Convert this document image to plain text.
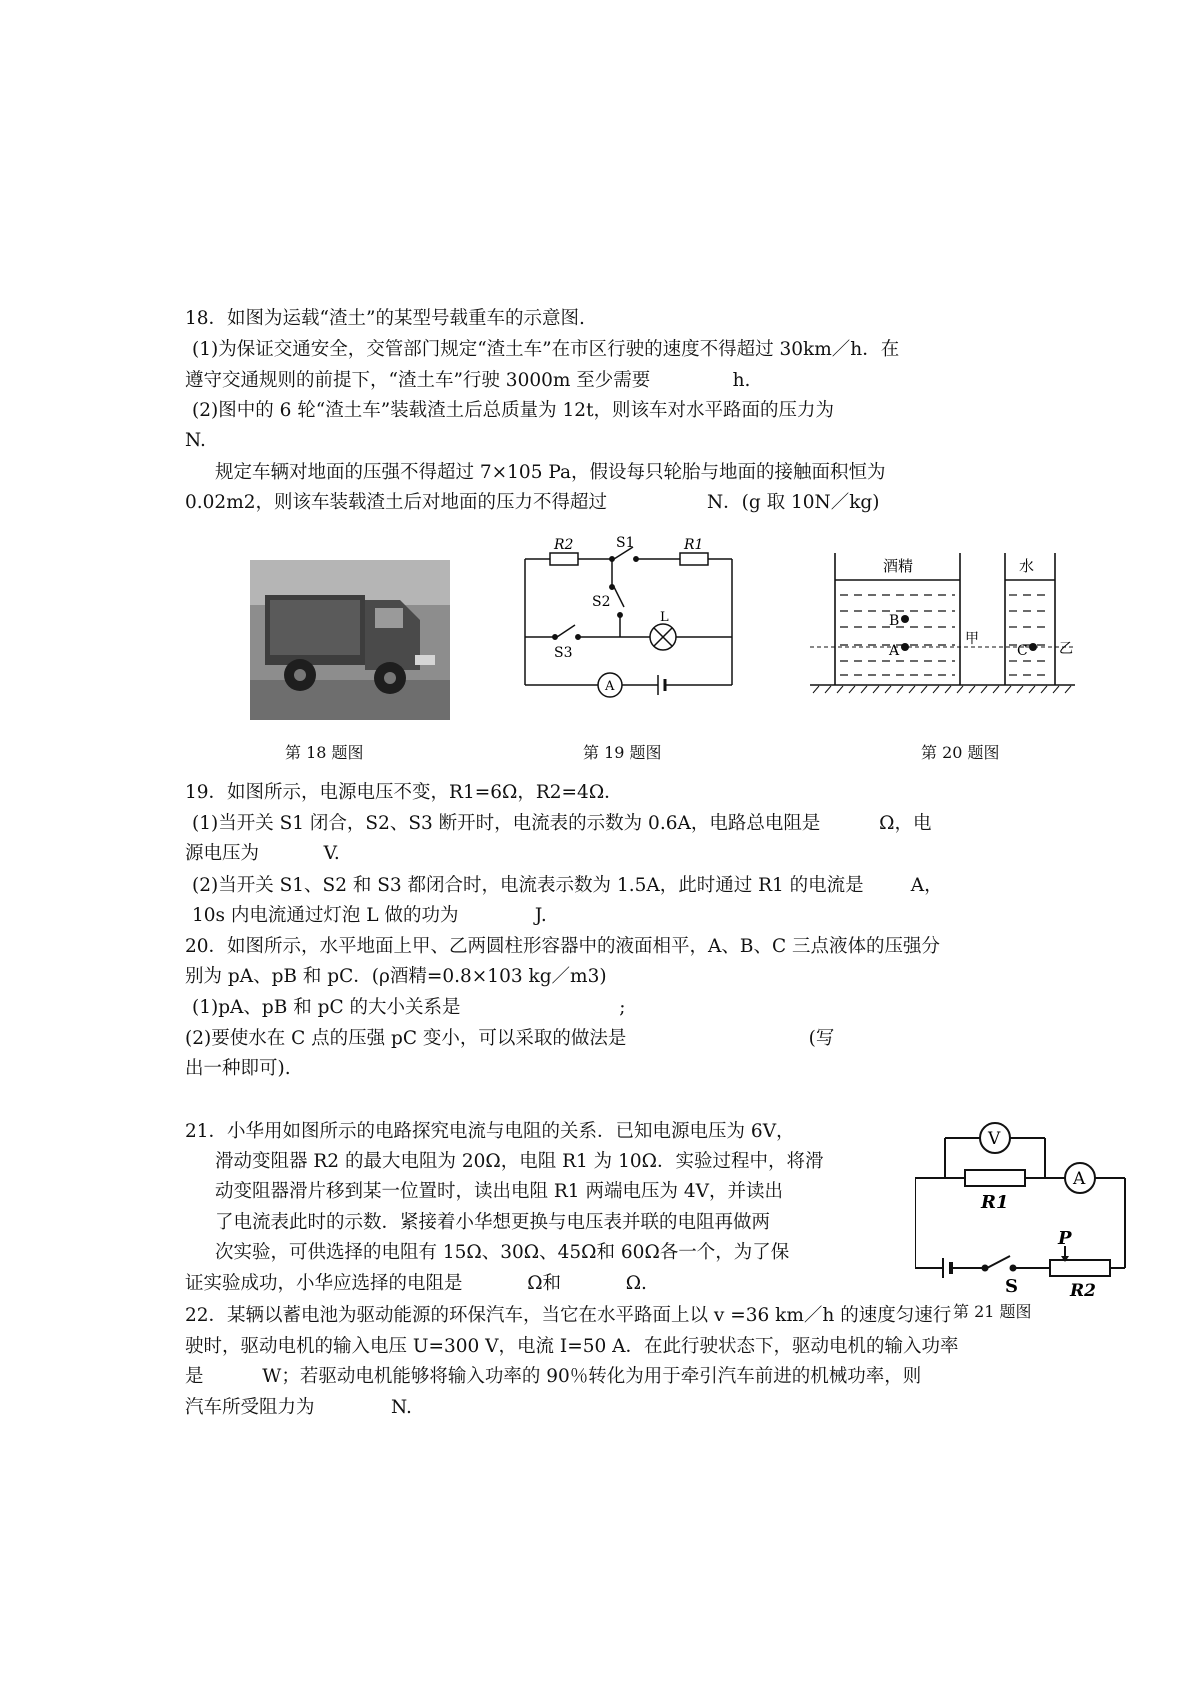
18．如图为运载“渣土”的某型号载重车的示意图.
(1)为保证交通安全，交管部门规定“渣土车”在市区行驶的速度不得超过 30km／h．在
遵守交通规则的前提下，“渣土车”行驶 3000m 至少需要              h.
(2)图中的 6 轮“渣土车”装载渣土后总质量为 12t，则该车对水平路面的压力为
N.
规定车辆对地面的压强不得超过 7×105 Pa，假设每只轮胎与地面的接触面积恒为
0.02m2，则该车装载渣土后对地面的压力不得超过                 N．(g 取 10N／kg)
R2	S1	R1
S2
L
S3
A
酒精	水
B
A	C
甲
乙
第 18 题图	第 19 题图	第 20 题图
19．如图所示，电源电压不变，R1=6Ω，R2=4Ω．
(1)当开关 S1 闭合，S2、S3 断开时，电流表的示数为 0.6A，电路总电阻是          Ω，电
源电压为           V.
(2)当开关 S1、S2 和 S3 都闭合时，电流表示数为 1.5A，此时通过 R1 的电流是        A，
10s 内电流通过灯泡 L 做的功为             J.
20．如图所示，水平地面上甲、乙两圆柱形容器中的液面相平，A、B、C 三点液体的压强分
别为 pA、pB 和 pC．(ρ酒精=0.8×103 kg／m3)
(1)pA、pB 和 pC 的大小关系是                           ;
(2)要使水在 C 点的压强 pC 变小，可以采取的做法是                               (写
出一种即可).
21．小华用如图所示的电路探究电流与电阻的关系．已知电源电压为 6V，
滑动变阻器 R2 的最大电阻为 20Ω，电阻 R1 为 10Ω．实验过程中，将滑
动变阻器滑片移到某一位置时，读出电阻 R1 两端电压为 4V，并读出
了电流表此时的示数．紧接着小华想更换与电压表并联的电阻再做两
次实验，可供选择的电阻有 15Ω、30Ω、45Ω和 60Ω各一个，为了保
证实验成功，小华应选择的电阻是           Ω和           Ω.
V
A
R1
P
S	R2
第 21 题图
22．某辆以蓄电池为驱动能源的环保汽车，当它在水平路面上以 v =36 km／h 的速度匀速行
驶时，驱动电机的输入电压 U=300 V，电流 I=50 A．在此行驶状态下，驱动电机的输入功率
是          W；若驱动电机能够将输入功率的 90％转化为用于牵引汽车前进的机械功率，则
汽车所受阻力为             N.
